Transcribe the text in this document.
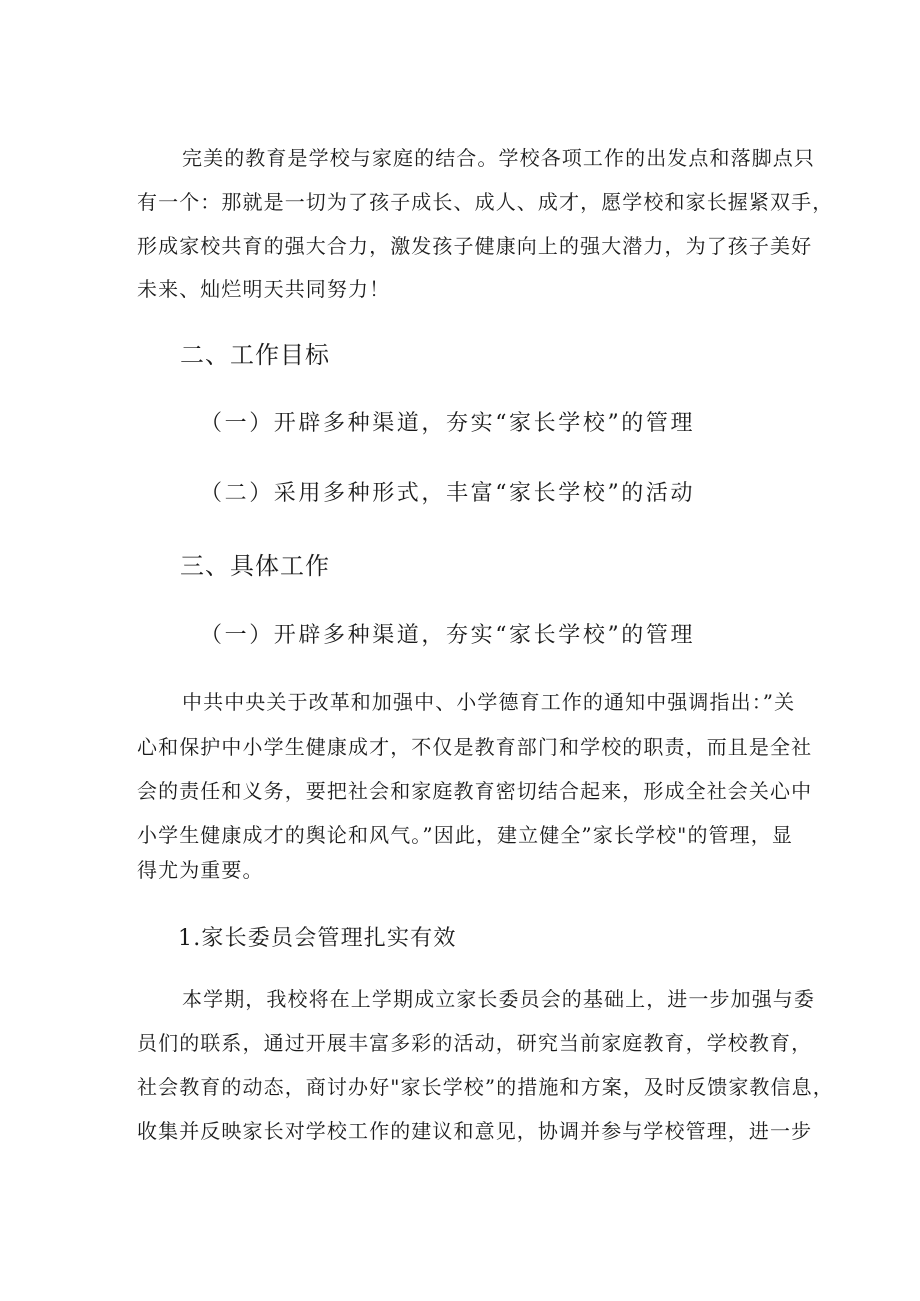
完美的教育是学校与家庭的结合。学校各项工作的出发点和落脚点只
有一个：那就是一切为了孩子成长、成人、成才，愿学校和家长握紧双手，
形成家校共育的强大合力，激发孩子健康向上的强大潜力，为了孩子美好
未来、灿烂明天共同努力！
二、工作目标
（一）开辟多种渠道，夯实“家长学校”的管理
（二）采用多种形式，丰富“家长学校”的活动
三、具体工作
（一）开辟多种渠道，夯实“家长学校”的管理
中共中央关于改革和加强中、小学德育工作的通知中强调指出：”关
心和保护中小学生健康成才，不仅是教育部门和学校的职责，而且是全社
会的责任和义务，要把社会和家庭教育密切结合起来，形成全社会关心中
小学生健康成才的舆论和风气。”因此，建立健全”家长学校"的管理，显
得尤为重要。
1.家长委员会管理扎实有效
本学期，我校将在上学期成立家长委员会的基础上，进一步加强与委
员们的联系，通过开展丰富多彩的活动，研究当前家庭教育，学校教育，
社会教育的动态，商讨办好"家长学校”的措施和方案，及时反馈家教信息，
收集并反映家长对学校工作的建议和意见，协调并参与学校管理，进一步
